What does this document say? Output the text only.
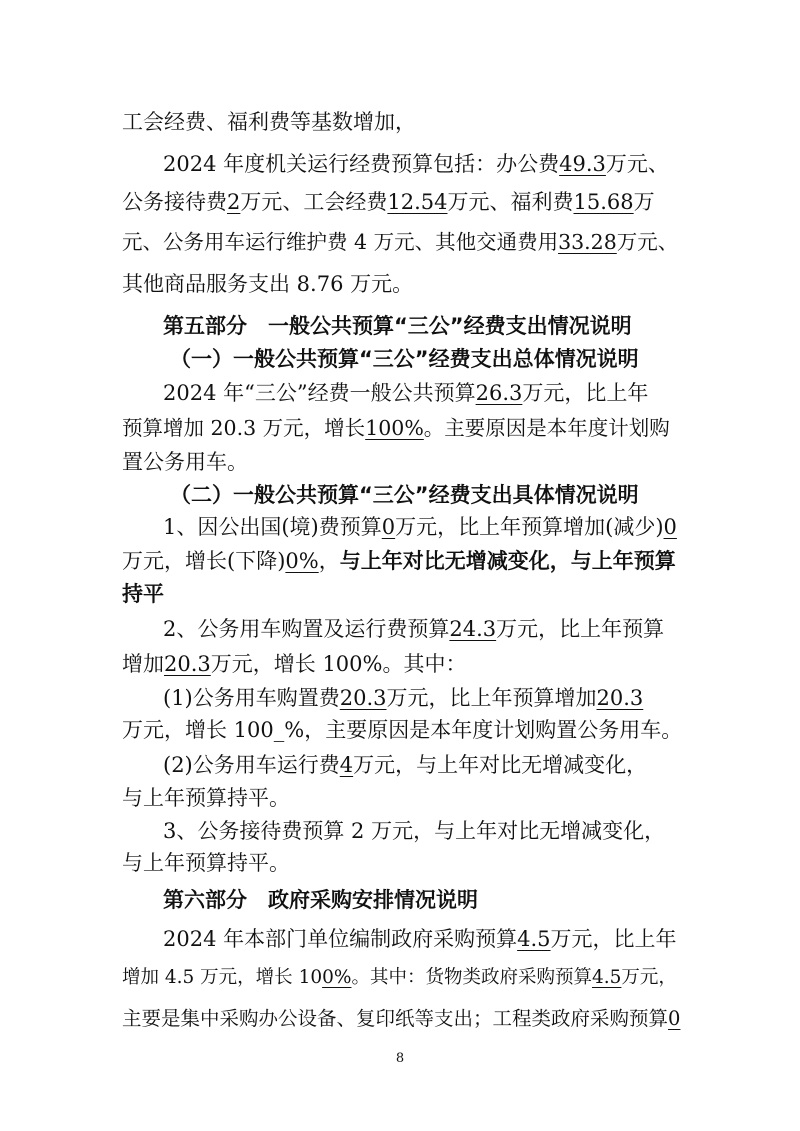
工会经费、福利费等基数增加，
2024 年度机关运行经费预算包括：办公费 49.3 万元、
公务接待费 2 万元、工会经费 12.54 万元、福利费 15.68 万
元、公务用车运行维护费 4 万元、其他交通费用 33.28 万元、
其他商品服务支出 8.76 万元。
第五部分　一般公共预算“三公”经费支出情况说明
（一）一般公共预算“三公”经费支出总体情况说明
2024 年“三公”经费一般公共预算 26.3 万元，比上年
预算增加 20.3 万元，增长 100% 。主要原因是本年度计划购
置公务用车。
（二）一般公共预算“三公”经费支出具体情况说明
1、因公出国(境)费预算 0 万元，比上年预算增加(减少) 0
万元，增长(下降) 0% ， 与上年对比无增减变化，与上年预算
持平
2、公务用车购置及运行费预算 24.3 万元，比上年预算
增加 20.3 万元，增长 100%。其中：
(1)公务用车购置费 20.3 万元，比上年预算增加 20.3
万元，增长 100_%，主要原因是本年度计划购置公务用车。
(2)公务用车运行费 4 万元，与上年对比无增减变化，
与上年预算持平。
3、公务接待费预算 2 万元，与上年对比无增减变化，
与上年预算持平。
第六部分　政府采购安排情况说明
2024 年本部门单位编制政府采购预算 4.5 万元，比上年
增加 4.5 万元，增长 10 0% 。其中：货物类政府采购预算 4.5 万元，
主要是集中采购办公设备、复印纸等支出；工程类政府采购预算 0
8
